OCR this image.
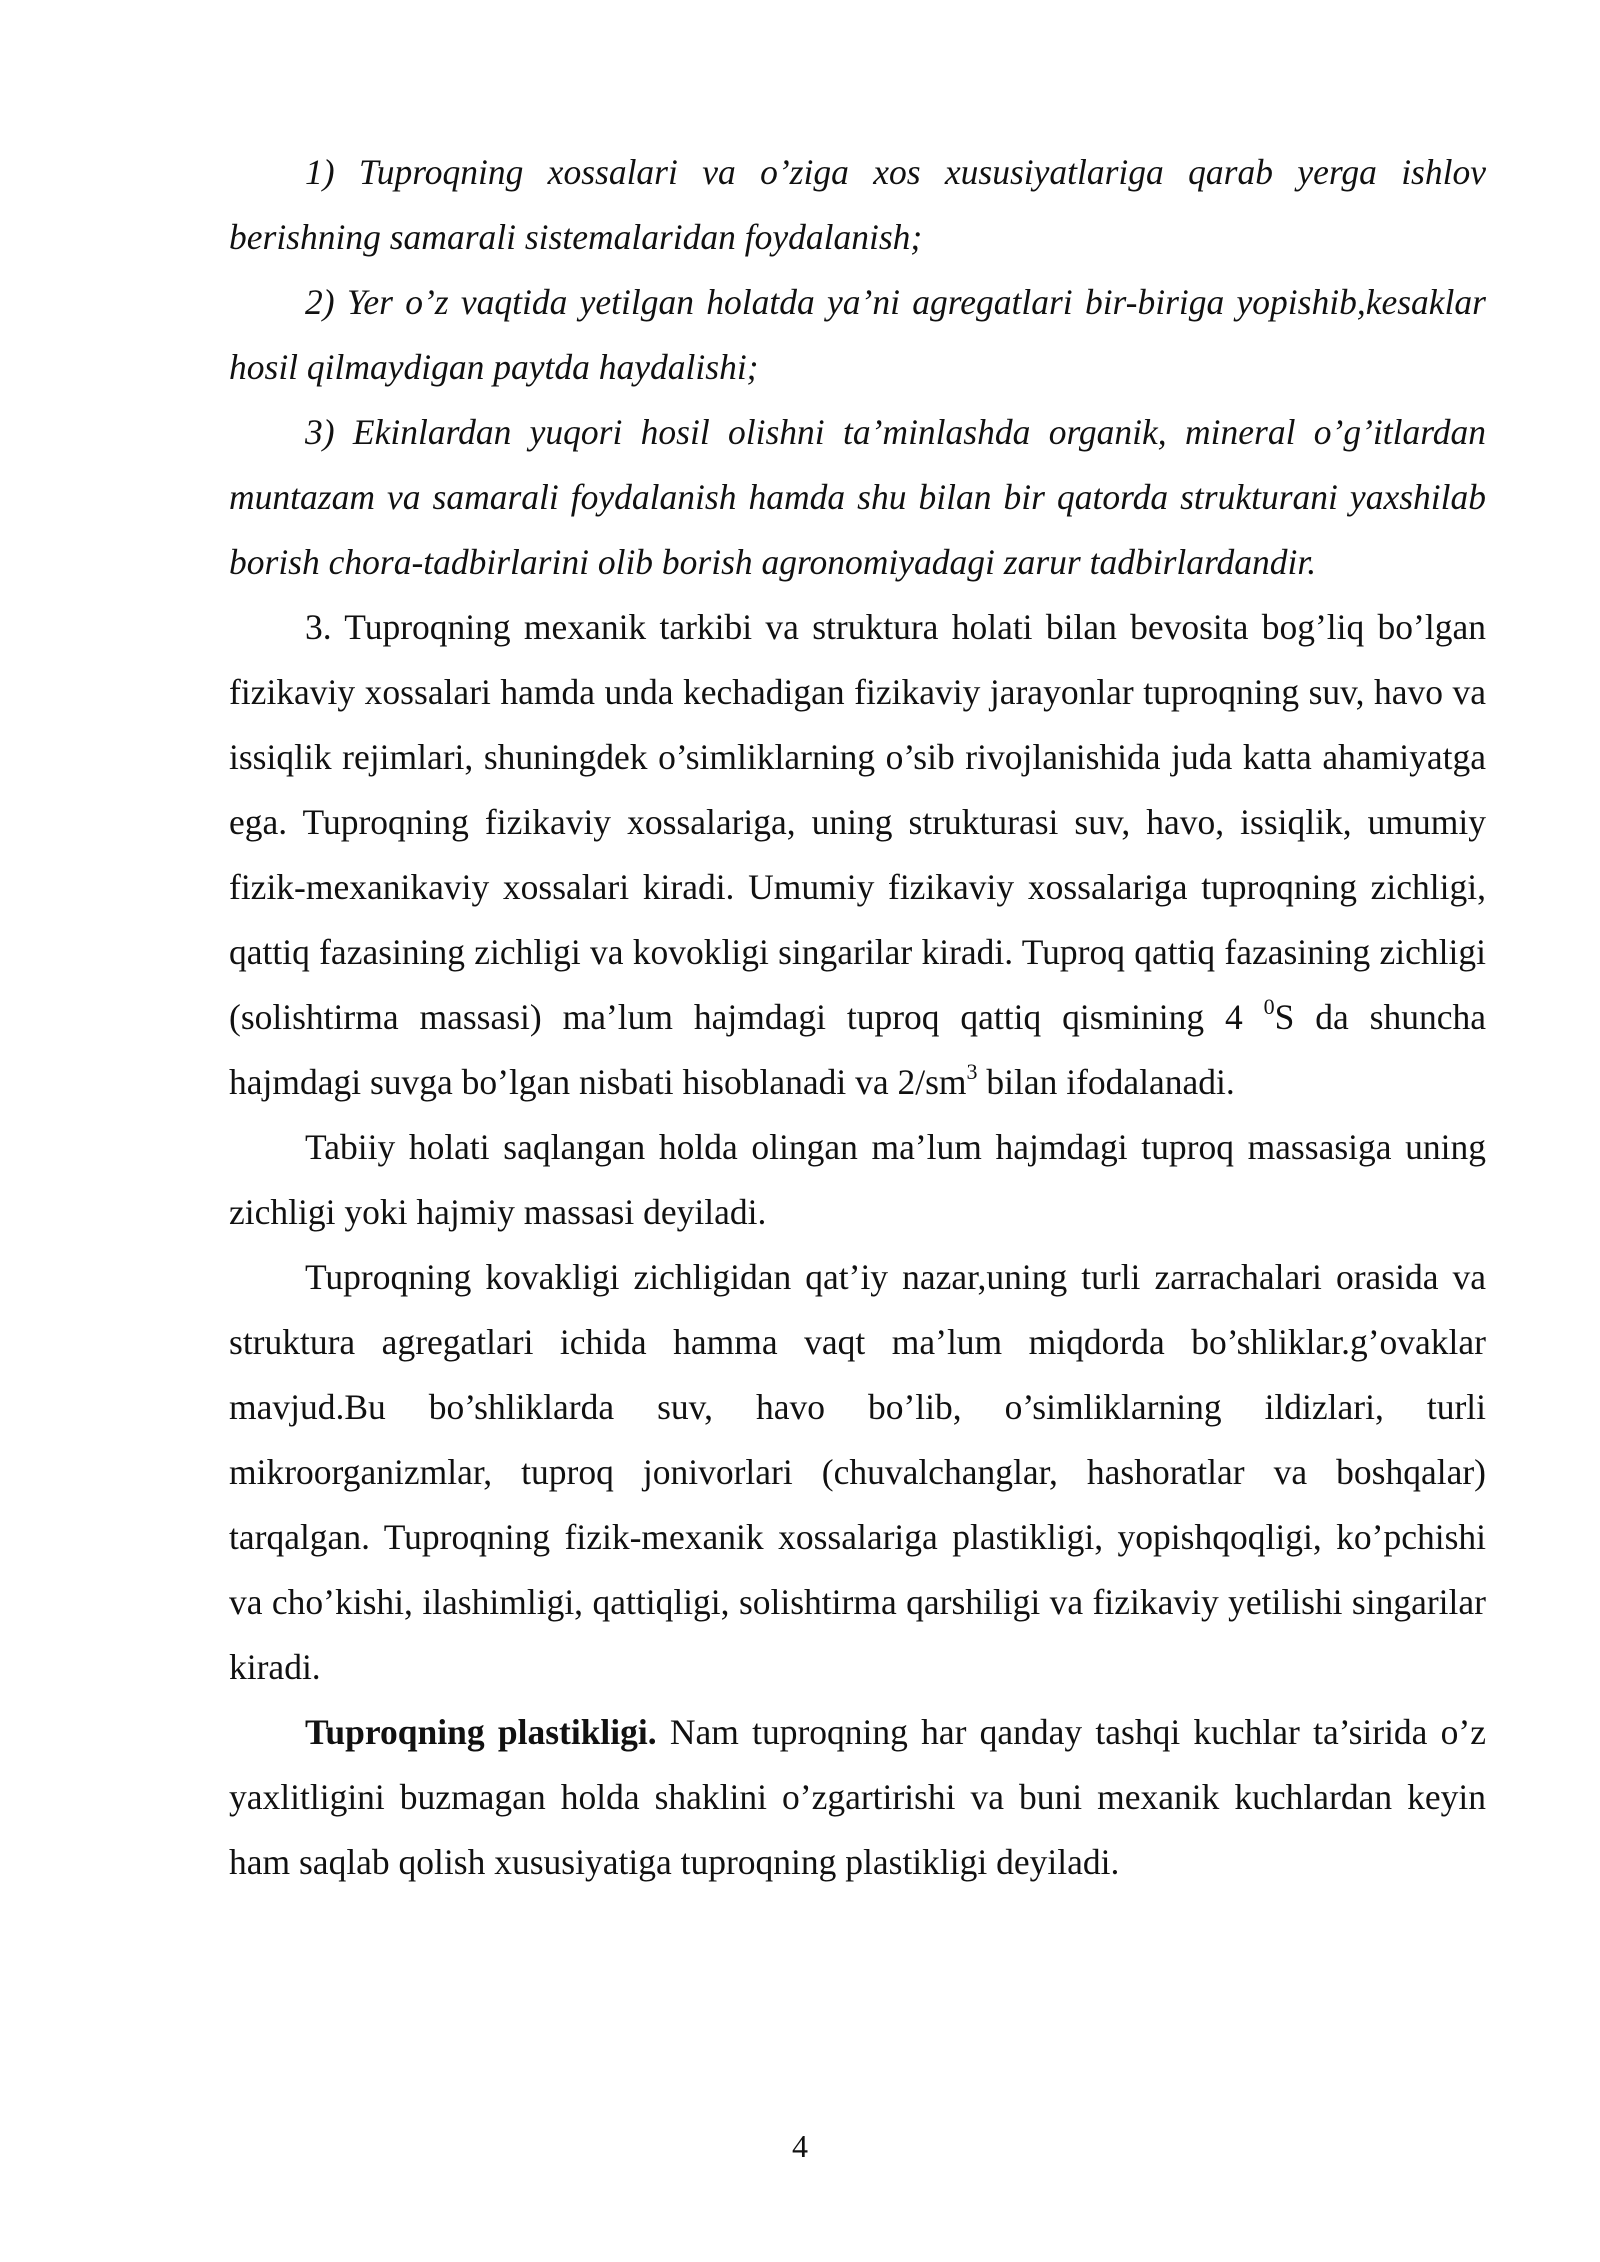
1) Tuproqning xossalari va o’ziga xos xususiyatlariga qarab yerga ishlov berishning samarali sistemalaridan foydalanish;

2) Yer o’z vaqtida yetilgan holatda ya’ni agregatlari bir-biriga yopishib,kesaklar hosil qilmaydigan paytda haydalishi;

3) Ekinlardan yuqori hosil olishni ta’minlashda organik, mineral o’g’itlardan muntazam va samarali foydalanish hamda shu bilan bir qatorda strukturani yaxshilab borish chora-tadbirlarini olib borish agronomiyadagi zarur tadbirlardandir.

3. Tuproqning mexanik tarkibi va struktura holati bilan bevosita bog’liq bo’lgan fizikaviy xossalari hamda unda kechadigan fizikaviy jarayonlar tuproqning suv, havo va issiqlik rejimlari, shuningdek o’simliklarning o’sib rivojlanishida juda katta ahamiyatga ega. Tuproqning fizikaviy xossalariga, uning strukturasi suv, havo, issiqlik, umumiy fizik-mexanikaviy xossalari kiradi. Umumiy fizikaviy xossalariga tuproqning zichligi, qattiq fazasining zichligi va kovokligi singarilar kiradi. Tuproq qattiq fazasining zichligi (solishtirma massasi) ma’lum hajmdagi tuproq qattiq qismining 4 $^0$S da shuncha hajmdagi suvga bo’lgan nisbati hisoblanadi va $2/sm^3$ bilan ifodalanadi.

Tabiiy holati saqlangan holda olingan ma’lum hajmdagi tuproq massasiga uning zichligi yoki hajmiy massasi deyiladi.

Tuproqning kovakligi zichligidan qat’iy nazar,uning turli zarrachalari orasida va struktura agregatlari ichida hamma vaqt ma’lum miqdorda bo’shliklar.g’ovaklar mavjud.Bu bo’shliklarda suv, havo bo’lib, o’simliklarning ildizlari, turli mikroorganizmlar, tuproq jonivorlari (chuvalchanglar, hashoratlar va boshqalar) tarqalgan. Tuproqning fizik-mexanik xossalariga plastikligi, yopishqoqligi, ko’pchishi va cho’kishi, ilashimligi, qattiqligi, solishtirma qarshiligi va fizikaviy yetilishi singarilar kiradi.

Tuproqning plastikligi. Nam tuproqning har qanday tashqi kuchlar ta’sirida o’z yaxlitligini buzmagan holda shaklini o’zgartirishi va buni mexanik kuchlardan keyin ham saqlab qolish xususiyatiga tuproqning plastikligi deyiladi.

4
